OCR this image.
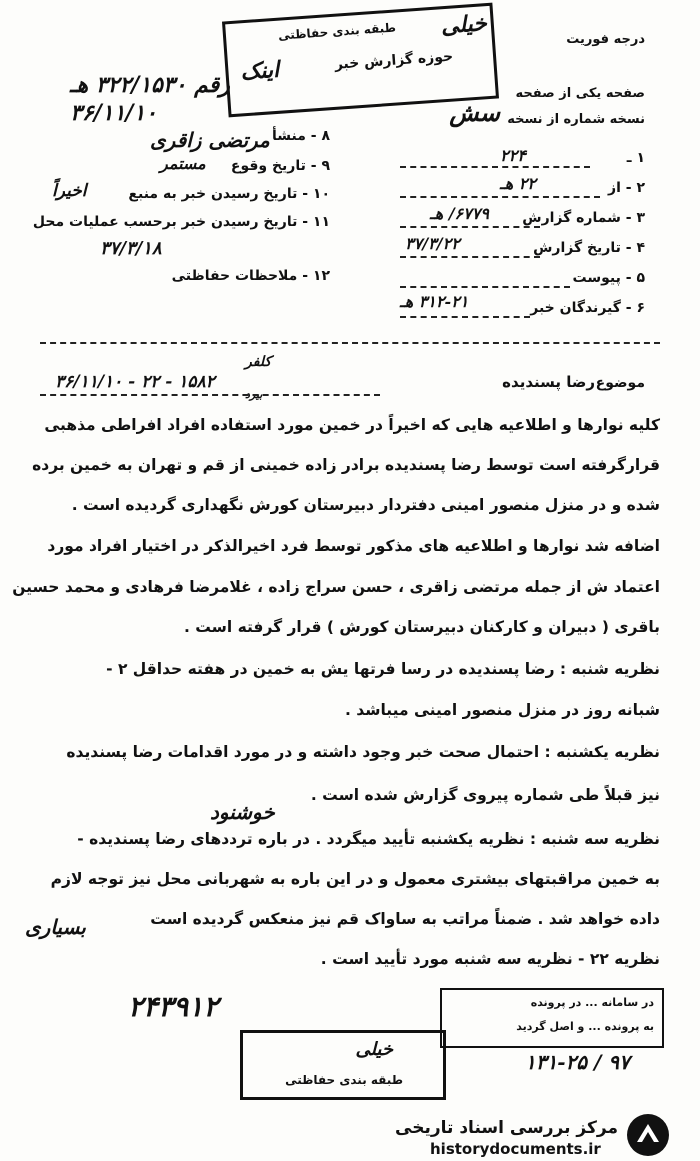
درجه فوریت
طبقه بندی حفاظتی خیلی
حوزه گزارش خبر
اینک
رقم ۳۲۲/۱۵۳۰ هـ
۳۶/۱۱/۱۰
مرتضی زاقری
صفحه یکی از صفحه
نسخه شماره از نسخه
سش
۸ - منشأ
۹ - تاریخ وقوع
مستمر
۱۰ - تاریخ رسیدن خبر به منبع
اخیراً
۱۱ - تاریخ رسیدن خبر برحسب عملیات محل
۳۷/۳/۱۸
۱۲ - ملاحظات حفاظتی
۱ ـ
۲۲۴
۲ - از
۲۲ هـ
۳ - شماره گزارش
۶۷۷۹/ هـ
۴ - تاریخ گزارش
۳۷/۳/۲۲
۵ - پیوست
۶ - گیرندگان خبر
۳۱۲-۲۱ هـ
موضوع
رضا پسندیده
۳۶/۱۱/۱۰ - ۲۲ - ۱۵۸۲
کلفر
بیرد
کلیه نوارها و اطلاعیه هایی که اخیراً در خمین مورد استفاده افراد افراطی مذهبی
قرارگرفته است توسط رضا پسندیده برادر زاده خمینی از قم و تهران به خمین برده
شده و در منزل منصور امینی دفتردار دبیرستان کورش نگهداری گردیده است .
اضافه شد نوارها و اطلاعیه های مذکور توسط فرد اخیرالذکر در اختیار افراد مورد
اعتماد ش از جمله مرتضی زاقری ، حسن سراج زاده ، غلامرضا فرهادی و محمد حسین
باقری ( دبیران و کارکنان دبیرستان کورش ) قرار گرفته است .
نظریه شنبه : رضا پسندیده در رسا فرتها یش به خمین در هفته حداقل ۲ -
شبانه روز در منزل منصور امینی میباشد .
نظریه یکشنبه : احتمال صحت خبر وجود داشته و در مورد اقدامات رضا پسندیده
نیز قبلاً طی شماره پیروی گزارش شده است .
نظریه سه شنبه : نظریه یکشنبه تأیید میگردد . در باره ترددهای رضا پسندیده -
به خمین مراقبتهای بیشتری معمول و در این باره به شهربانی محل نیز توجه لازم
داده خواهد شد . ضمناً مراتب به ساواک قم نیز منعکس گردیده است
نظریه ۲۲ - نظریه سه شنبه مورد تأیید است .
خوشنود
بسیاری
۲۴۳۹۱۲	در سامانه ... در پرونده
به پرونده ... و اصل گردید
۱۳۱-۲۵ / ۹۷
خیلی
طبقه بندی حفاظتی
مرکز بررسی اسناد تاریخی
historydocuments.ir
